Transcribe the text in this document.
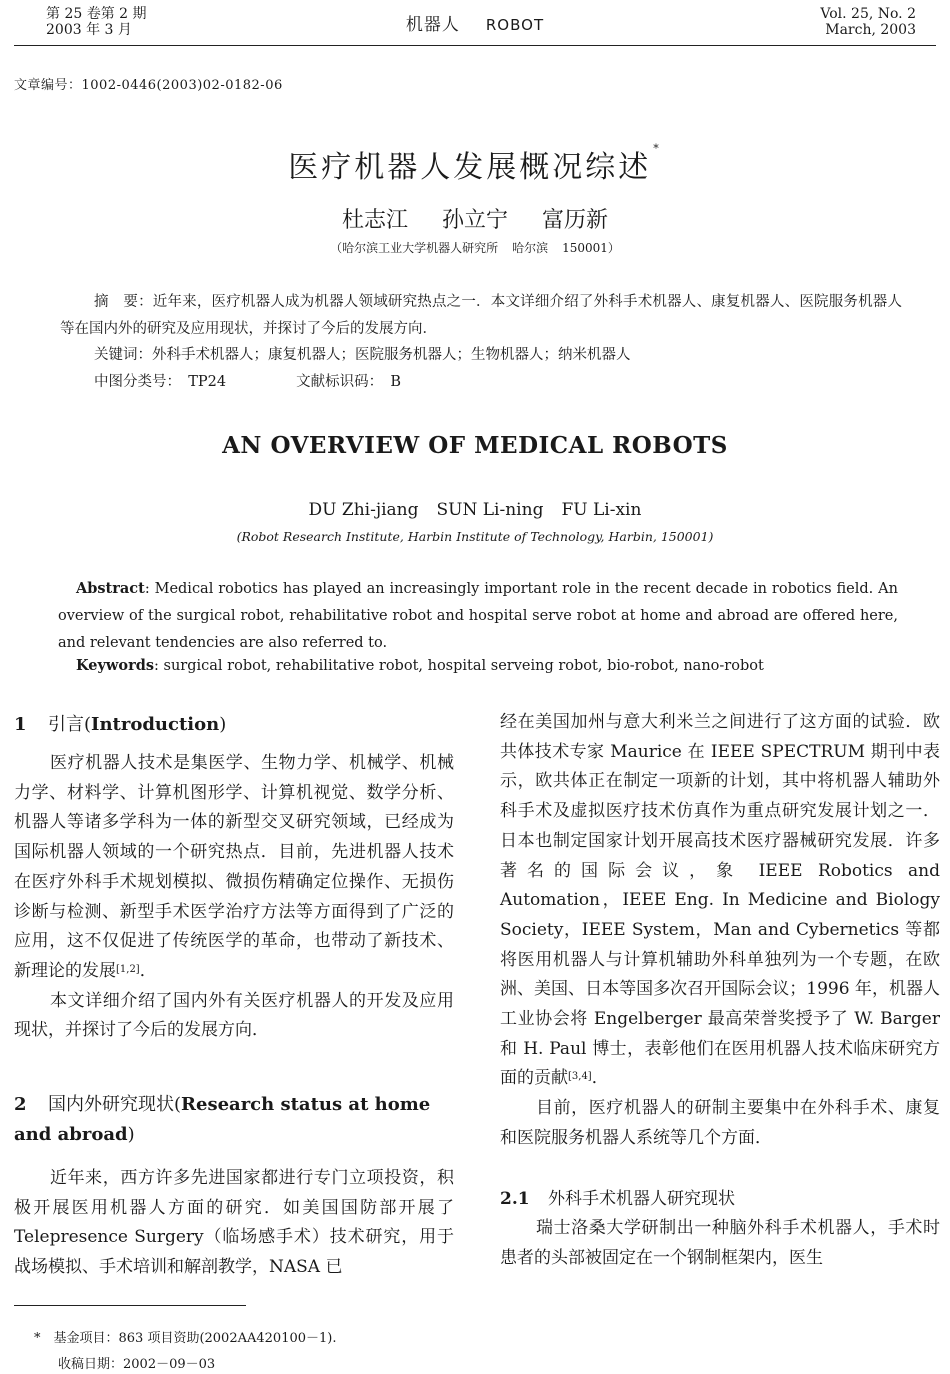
第 25 卷第 2 期
2003 年 3 月	机器人 ROBOT
Vol. 25, No. 2
March, 2003
文章编号：1002-0446(2003)02-0182-06
医疗机器人发展概况综述*
杜志江 孙立宁 富历新
（哈尔滨工业大学机器人研究所 哈尔滨 150001）
摘　要：近年来，医疗机器人成为机器人领域研究热点之一．本文详细介绍了外科手术机器人、康复机器人、医院服务机器人等在国内外的研究及应用现状，并探讨了今后的发展方向．
关键词：外科手术机器人；康复机器人；医院服务机器人；生物机器人；纳米机器人
中图分类号：　TP24	文献标识码：　B
AN OVERVIEW OF MEDICAL ROBOTS
DU Zhi-jiang SUN Li-ning FU Li-xin
(Robot Research Institute, Harbin Institute of Technology, Harbin, 150001)
Abstract: Medical robotics has played an increasingly important role in the recent decade in robotics field. An overview of the surgical robot, rehabilitative robot and hospital serve robot at home and abroad are offered here, and relevant tendencies are also referred to.
Keywords: surgical robot, rehabilitative robot, hospital serveing robot, bio-robot, nano-robot
1 引言(Introduction)

医疗机器人技术是集医学、生物力学、机械学、机械力学、材料学、计算机图形学、计算机视觉、数学分析、机器人等诸多学科为一体的新型交叉研究领域，已经成为国际机器人领域的一个研究热点．目前，先进机器人技术在医疗外科手术规划模拟、微损伤精确定位操作、无损伤诊断与检测、新型手术医学治疗方法等方面得到了广泛的应用，这不仅促进了传统医学的革命，也带动了新技术、新理论的发展[1,2]．

本文详细介绍了国内外有关医疗机器人的开发及应用现状，并探讨了今后的发展方向．

2 国内外研究现状(Research status at home and abroad)

近年来，西方许多先进国家都进行专门立项投资，积极开展医用机器人方面的研究．如美国国防部开展了 Telepresence Surgery（临场感手术）技术研究，用于战场模拟、手术培训和解剖教学，NASA 已

经在美国加州与意大利米兰之间进行了这方面的试验．欧共体技术专家 Maurice 在 IEEE SPECTRUM 期刊中表示，欧共体正在制定一项新的计划，其中将机器人辅助外科手术及虚拟医疗技术仿真作为重点研究发展计划之一．日本也制定国家计划开展高技术医疗器械研究发展．许多著名的国际会议，象 IEEE Robotics and Automation，IEEE Eng. In Medicine and Biology Society，IEEE System，Man and Cybernetics 等都将医用机器人与计算机辅助外科单独列为一个专题，在欧洲、美国、日本等国多次召开国际会议；1996 年，机器人工业协会将 Engelberger 最高荣誉奖授予了 W. Barger 和 H. Paul 博士，表彰他们在医用机器人技术临床研究方面的贡献[3,4]．

目前，医疗机器人的研制主要集中在外科手术、康复和医院服务机器人系统等几个方面．

2.1 外科手术机器人研究现状

瑞士洛桑大学研制出一种脑外科手术机器人，手术时患者的头部被固定在一个钢制框架内，医生

*　基金项目：863 项目资助(2002AA420100－1).
收稿日期：2002－09－03
